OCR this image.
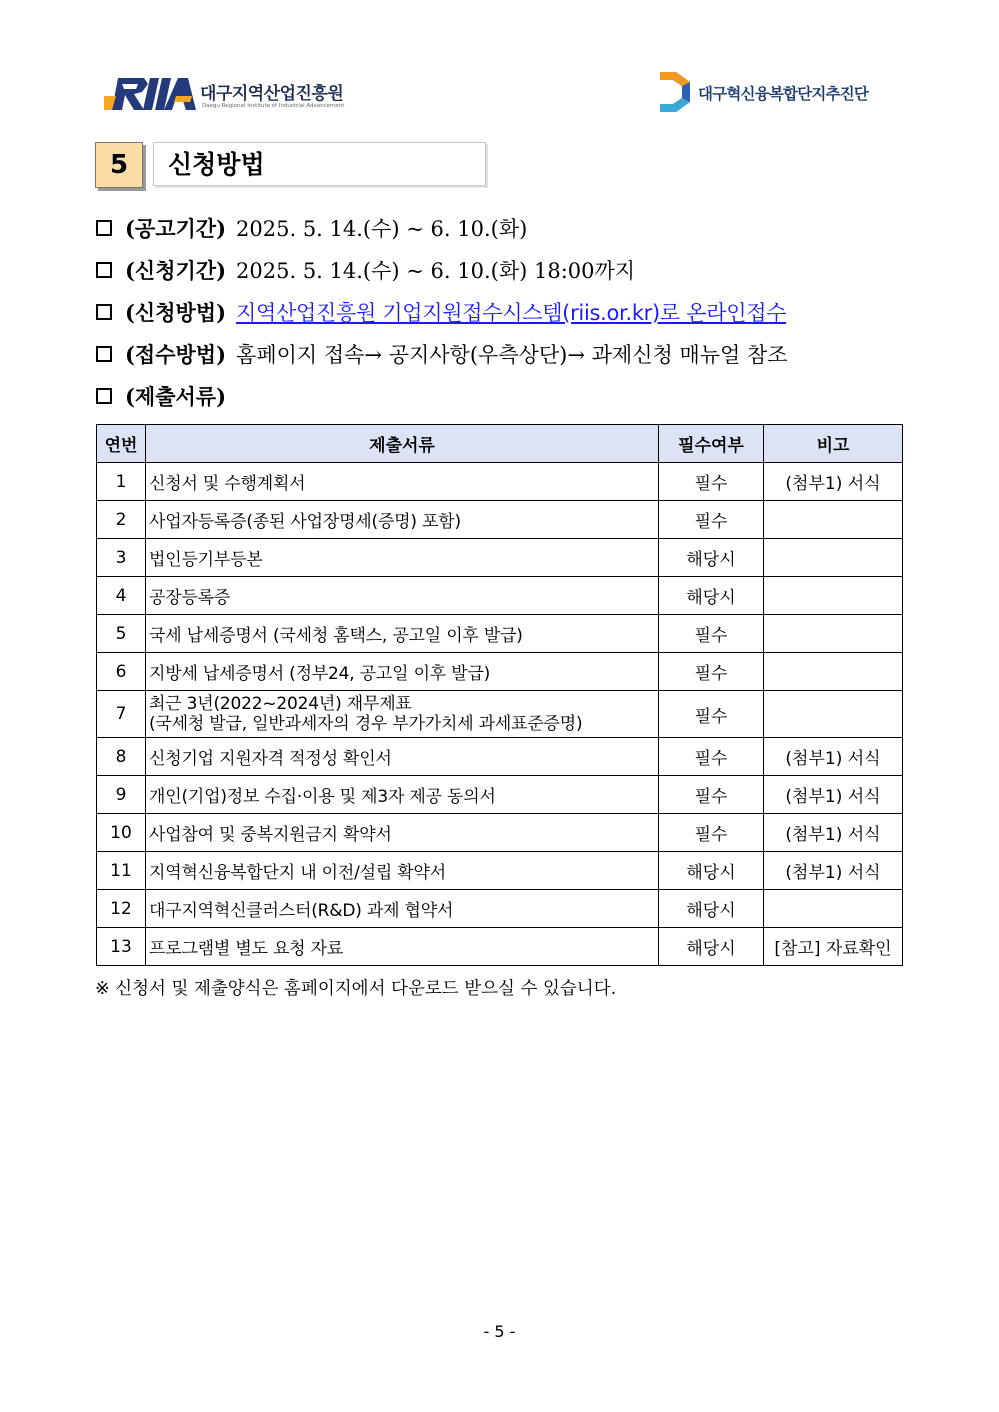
대구지역산업진흥원
Daegu Regional Institute of Industrial Advancement
대구혁신융복합단지추진단
5	신청방법
(공고기간) 2025. 5. 14.(수) ~ 6. 10.(화)
(신청기간) 2025. 5. 14.(수) ~ 6. 10.(화) 18:00까지
(신청방법) 지역산업진흥원 기업지원접수시스템(riis.or.kr)로 온라인접수
(접수방법) 홈페이지 접속→ 공지사항(우측상단)→ 과제신청 매뉴얼 참조
(제출서류)
연번	제출서류	필수여부	비고
1	신청서 및 수행계획서	필수	(첨부1) 서식
2	사업자등록증(종된 사업장명세(증명) 포함)	필수	
3	법인등기부등본	해당시	
4	공장등록증	해당시	
5	국세 납세증명서 (국세청 홈택스, 공고일 이후 발급)	필수	
6	지방세 납세증명서 (정부24, 공고일 이후 발급)	필수	
7	최근 3년(2022~2024년) 재무제표
(국세청 발급, 일반과세자의 경우 부가가치세 과세표준증명)	필수	
8	신청기업 지원자격 적정성 확인서	필수	(첨부1) 서식
9	개인(기업)정보 수집·이용 및 제3자 제공 동의서	필수	(첨부1) 서식
10	사업참여 및 중복지원금지 확약서	필수	(첨부1) 서식
11	지역혁신융복합단지 내 이전/설립 확약서	해당시	(첨부1) 서식
12	대구지역혁신클러스터(R&D) 과제 협약서	해당시	
13	프로그램별 별도 요청 자료	해당시	[참고] 자료확인
※ 신청서 및 제출양식은 홈페이지에서 다운로드 받으실 수 있습니다.
- 5 -
